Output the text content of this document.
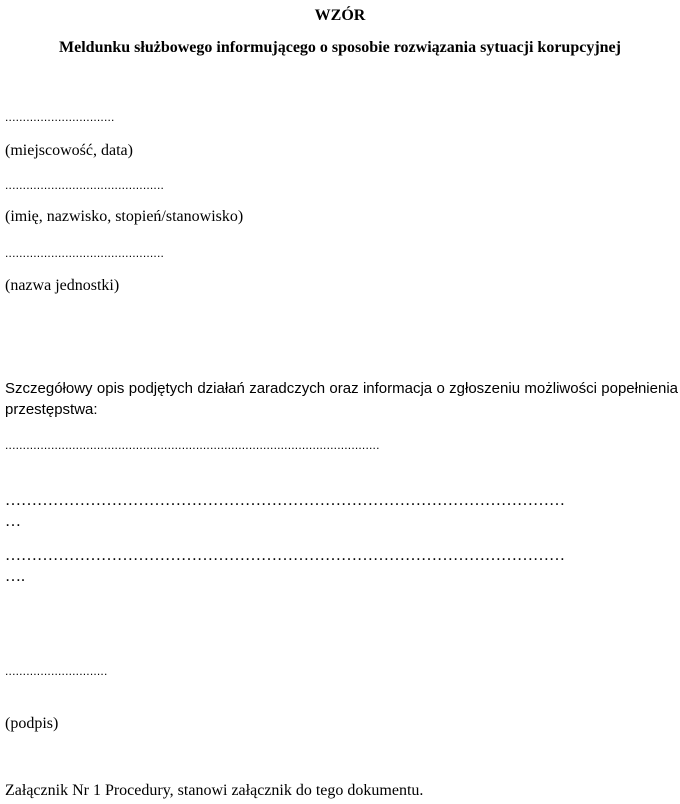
WZÓR
Meldunku służbowego informującego o sposobie rozwiązania sytuacji korupcyjnej
...............................
(miejscowość, data)
.............................................
(imię, nazwisko, stopień/stanowisko)
.............................................
(nazwa jednostki)
Szczegółowy opis podjętych działań zaradczych oraz informacja o zgłoszeniu możliwości popełnienia przestępstwa:
..........................................................................................................
……………………………………………………………………………………………
…
……………………………………………………………………………………………
….
.............................
(podpis)
Załącznik Nr 1 Procedury, stanowi załącznik do tego dokumentu.
